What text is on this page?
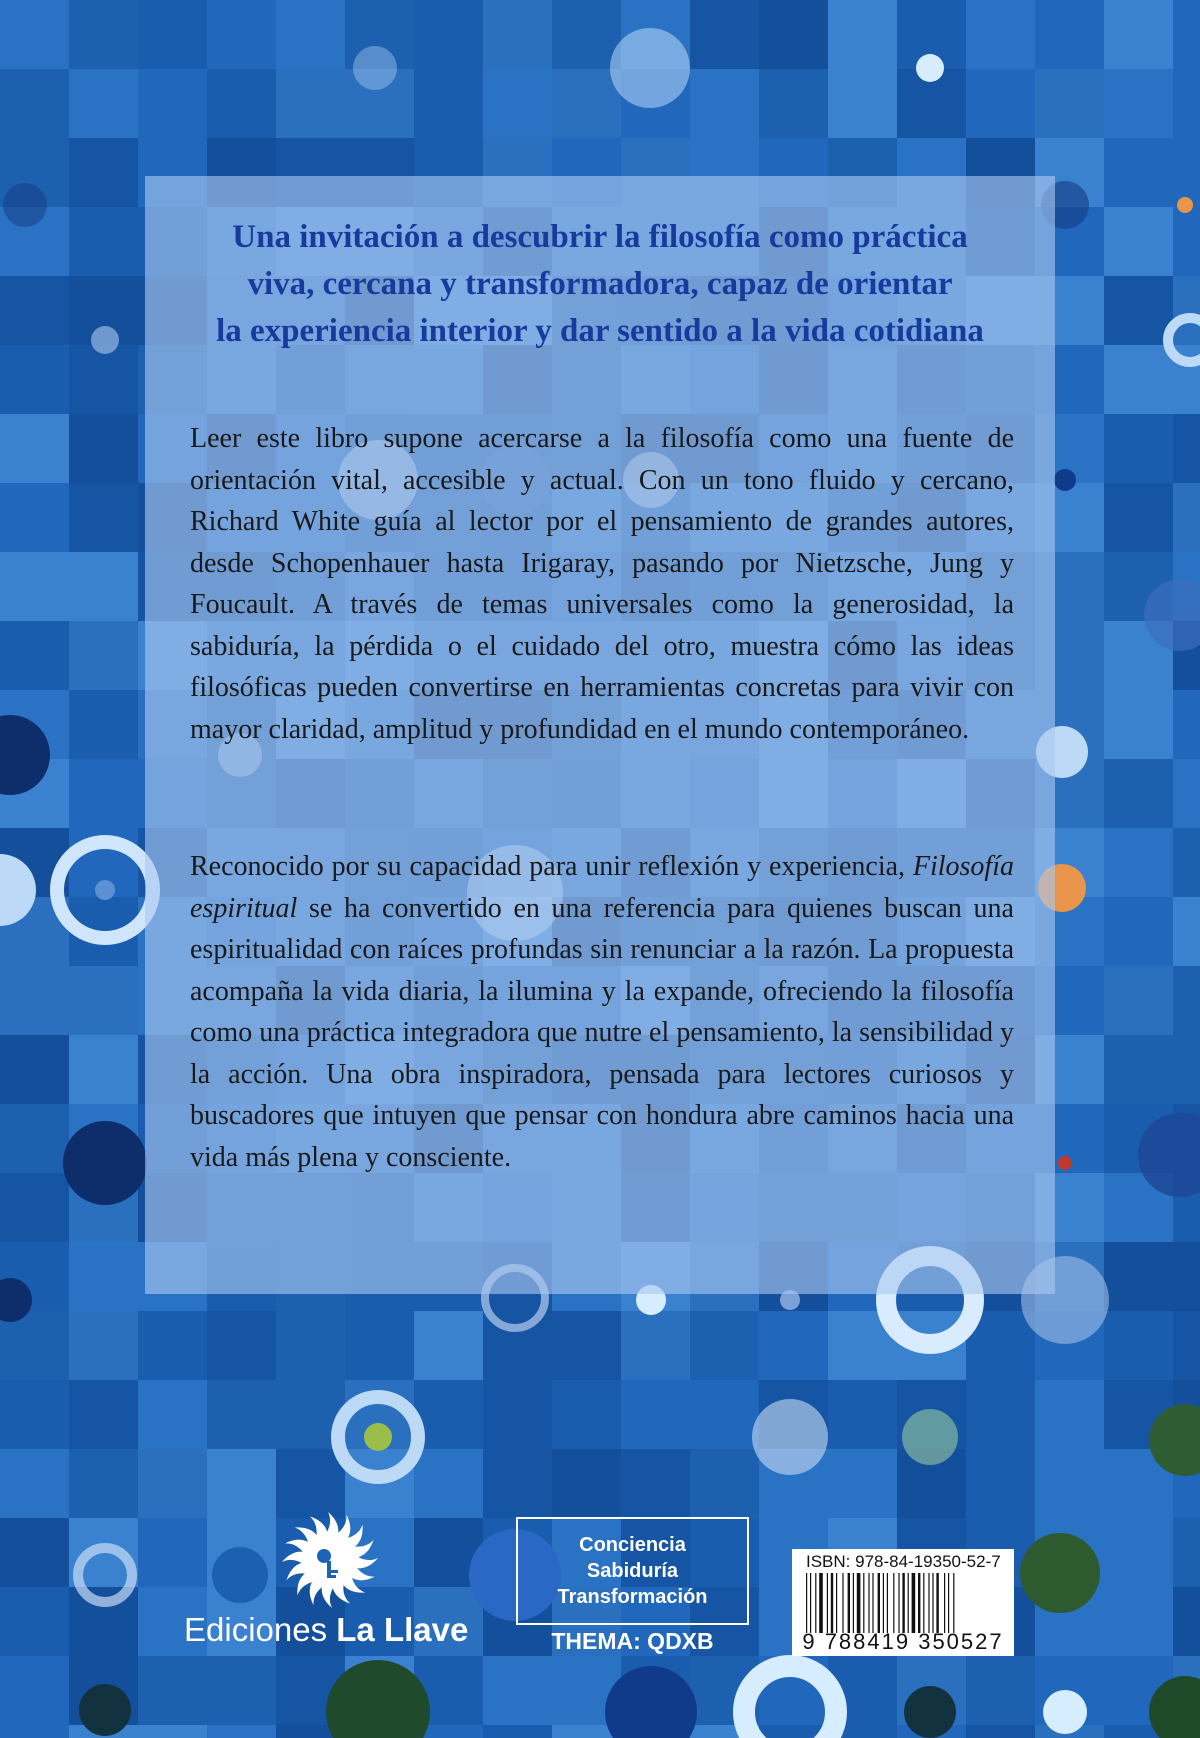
Una invitación a descubrir la filosofía como práctica
viva, cercana y transformadora, capaz de orientar
la experiencia interior y dar sentido a la vida cotidiana

Leer este libro supone acercarse a la filosofía como una fuente de orientación vital, accesible y actual. Con un tono fluido y cercano, Richard White guía al lector por el pensamiento de grandes autores, desde Schopenhauer hasta Irigaray, pasando por Nietzsche, Jung y Foucault. A través de temas universales como la generosidad, la sabiduría, la pérdida o el cuidado del otro, muestra cómo las ideas filosóficas pueden convertirse en herramientas concretas para vivir con mayor claridad, amplitud y profundidad en el mundo contemporáneo.

Reconocido por su capacidad para unir reflexión y experiencia, Filosofía espiritual se ha convertido en una referencia para quienes buscan una espiritualidad con raíces profundas sin renunciar a la razón. La propuesta acompaña la vida diaria, la ilumina y la expande, ofreciendo la filosofía como una práctica integradora que nutre el pensamiento, la sensibilidad y la acción. Una obra inspiradora, pensada para lectores curiosos y buscadores que intuyen que pensar con hondura abre caminos hacia una vida más plena y consciente.

Ediciones La Llave
Conciencia
Sabiduría
Transformación
THEMA: QDXB
ISBN: 978-84-19350-52-7
9 788419 350527
